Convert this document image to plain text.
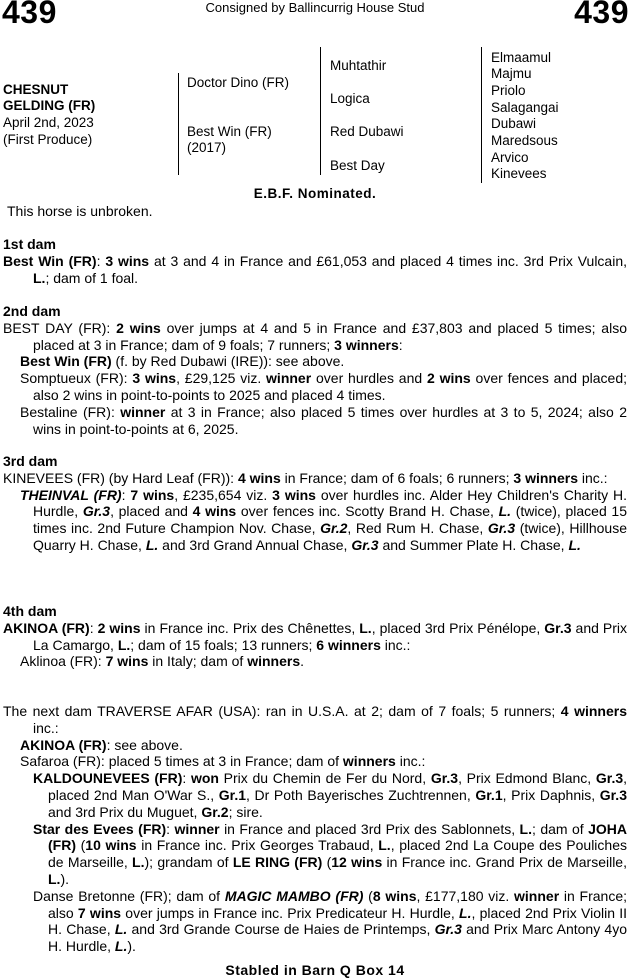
439	Consigned by Ballincurrig House Stud	439
CHESNUT
GELDING (FR)
April 2nd, 2023
(First Produce)
Doctor Dino (FR)
Best Win (FR)
(2017)
Muhtathir
Logica
Red Dubawi
Best Day
Elmaamul
Majmu
Priolo
Salagangai
Dubawi
Maredsous
Arvico
Kinevees
E.B.F. Nominated.
This horse is unbroken.

1st dam

Best Win (FR): 3 wins at 3 and 4 in France and £61,053 and placed 4 times inc. 3rd Prix Vulcain, L.; dam of 1 foal.

2nd dam

BEST DAY (FR): 2 wins over jumps at 4 and 5 in France and £37,803 and placed 5 times; also placed at 3 in France; dam of 9 foals; 7 runners; 3 winners:

Best Win (FR) (f. by Red Dubawi (IRE)): see above.

Somptueux (FR): 3 wins, £29,125 viz. winner over hurdles and 2 wins over fences and placed; also 2 wins in point-to-points to 2025 and placed 4 times.

Bestaline (FR): winner at 3 in France; also placed 5 times over hurdles at 3 to 5, 2024; also 2 wins in point-to-points at 6, 2025.

3rd dam

KINEVEES (FR) (by Hard Leaf (FR)): 4 wins in France; dam of 6 foals; 6 runners; 3 winners inc.:

THEINVAL (FR): 7 wins, £235,654 viz. 3 wins over hurdles inc. Alder Hey Children's Charity H. Hurdle, Gr.3, placed and 4 wins over fences inc. Scotty Brand H. Chase, L. (twice), placed 15 times inc. 2nd Future Champion Nov. Chase, Gr.2, Red Rum H. Chase, Gr.3 (twice), Hillhouse Quarry H. Chase, L. and 3rd Grand Annual Chase, Gr.3 and Summer Plate H. Chase, L.

4th dam

AKINOA (FR): 2 wins in France inc. Prix des Chênettes, L., placed 3rd Prix Pénélope, Gr.3 and Prix La Camargo, L.; dam of 15 foals; 13 runners; 6 winners inc.:

Aklinoa (FR): 7 wins in Italy; dam of winners.

The next dam TRAVERSE AFAR (USA): ran in U.S.A. at 2; dam of 7 foals; 5 runners; 4 winners inc.:

AKINOA (FR): see above.

Safaroa (FR): placed 5 times at 3 in France; dam of winners inc.:

KALDOUNEVEES (FR): won Prix du Chemin de Fer du Nord, Gr.3, Prix Edmond Blanc, Gr.3, placed 2nd Man O'War S., Gr.1, Dr Poth Bayerisches Zuchtrennen, Gr.1, Prix Daphnis, Gr.3 and 3rd Prix du Muguet, Gr.2; sire.

Star des Evees (FR): winner in France and placed 3rd Prix des Sablonnets, L.; dam of JOHA (FR) (10 wins in France inc. Prix Georges Trabaud, L., placed 2nd La Coupe des Pouliches de Marseille, L.); grandam of LE RING (FR) (12 wins in France inc. Grand Prix de Marseille, L.).

Danse Bretonne (FR); dam of MAGIC MAMBO (FR) (8 wins, £177,180 viz. winner in France; also 7 wins over jumps in France inc. Prix Predicateur H. Hurdle, L., placed 2nd Prix Violin II H. Chase, L. and 3rd Grande Course de Haies de Printemps, Gr.3 and Prix Marc Antony 4yo H. Hurdle, L.).

Stabled in Barn Q Box 14
